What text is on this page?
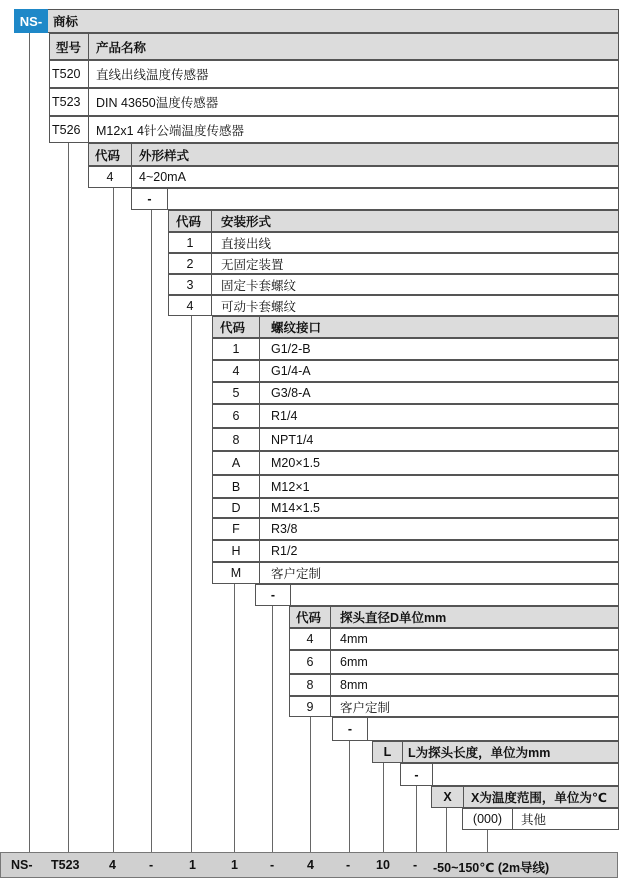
商标
NS-
型号 产品名称
T520 直线出线温度传感器
T523 DIN 43650温度传感器
T526 M12x1 4针公端温度传感器
代码 外形样式
4	4~20mA
-
代码 安装形式
1	直接出线
2	无固定装置
3	固定卡套螺纹
4	可动卡套螺纹
代码 螺纹接口
1	G1/2-B
4	G1/4-A
5	G3/8-A
6	R1/4
8	NPT1/4
A	M20×1.5
B	M12×1
D	M14×1.5
F	R3/8
H	R1/2
M	客户定制
-
代码 探头直径D单位mm
4	4mm
6	6mm
8	8mm
9	客户定制
-
L	L为探头长度，单位为mm
-
X	X为温度范围，单位为℃
(000)	其他
NS- T523 4	-	1	1	-	4	- 10 - -50~150℃ (2m导线)
